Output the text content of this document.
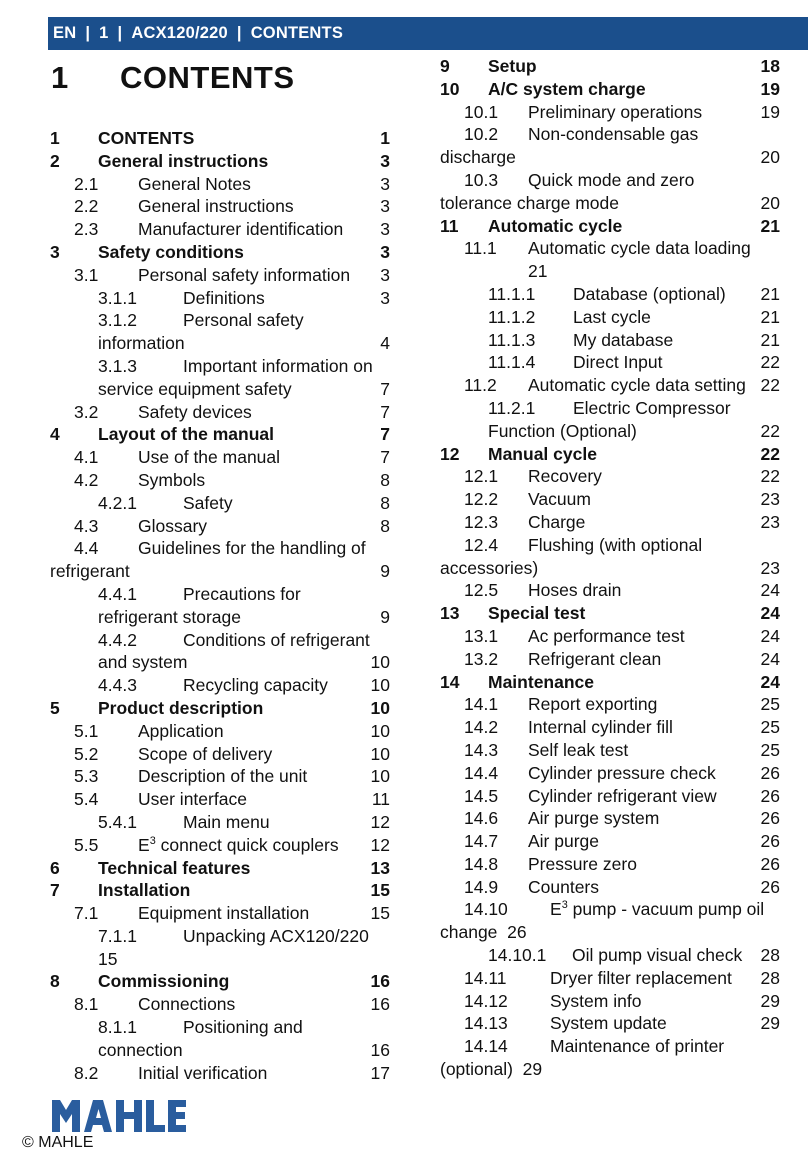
EN | 1 | ACX120/220 | CONTENTS
1 CONTENTS
1 CONTENTS	1
2 General instructions	3
2.1 General Notes	3
2.2 General instructions	3
2.3 Manufacturer identification 3
3 Safety conditions	3
3.1 Personal safety information 3
3.1.1	Definitions	3
3.1.2	Personal safety
information	4
3.1.3	Important information on
service equipment safety	7
3.2 Safety devices	7
4 Layout of the manual	7
4.1 Use of the manual	7
4.2 Symbols	8
4.2.1	Safety	8
4.3 Glossary	8
4.4 Guidelines for the handling of
refrigerant	9
4.4.1	Precautions for
refrigerant storage	9
4.4.2	Conditions of refrigerant
and system	10
4.4.3	Recycling capacity 10
5 Product description	10
5.1 Application	10
5.2 Scope of delivery	10
5.3 Description of the unit	10
5.4 User interface	11
5.4.1	Main menu	12
5.5 $E^3$ connect quick couplers 12
6 Technical features	13
7 Installation	15
7.1 Equipment installation	15
7.1.1	Unpacking ACX120/220
15
8 Commissioning	16
8.1 Connections	16
8.1.1	Positioning and
connection	16
8.2 Initial verification	17
9 Setup	18
10 A/C system charge	19
10.1 Preliminary operations	19
10.2 Non-condensable gas
discharge	20
10.3 Quick mode and zero
tolerance charge mode	20
11 Automatic cycle	21
11.1 Automatic cycle data loading
21
11.1.1 Database (optional) 21
11.1.2 Last cycle	21
11.1.3 My database	21
11.1.4 Direct Input	22
11.2 Automatic cycle data setting 22
11.2.1 Electric Compressor
Function (Optional)	22
12 Manual cycle	22
12.1 Recovery	22
12.2 Vacuum	23
12.3 Charge	23
12.4 Flushing (with optional
accessories)	23
12.5 Hoses drain	24
13 Special test	24
13.1 Ac performance test	24
13.2 Refrigerant clean	24
14 Maintenance	24
14.1 Report exporting	25
14.2 Internal cylinder fill	25
14.3 Self leak test	25
14.4 Cylinder pressure check	26
14.5 Cylinder refrigerant view	26
14.6 Air purge system	26
14.7 Air purge	26
14.8 Pressure zero	26
14.9 Counters	26
14.10 $E^3$ pump - vacuum pump oil
change  26
14.10.1 Oil pump visual check 28
14.11 Dryer filter replacement 28
14.12 System info	29
14.13 System update	29
14.14 Maintenance of printer
(optional)  29
© MAHLE
